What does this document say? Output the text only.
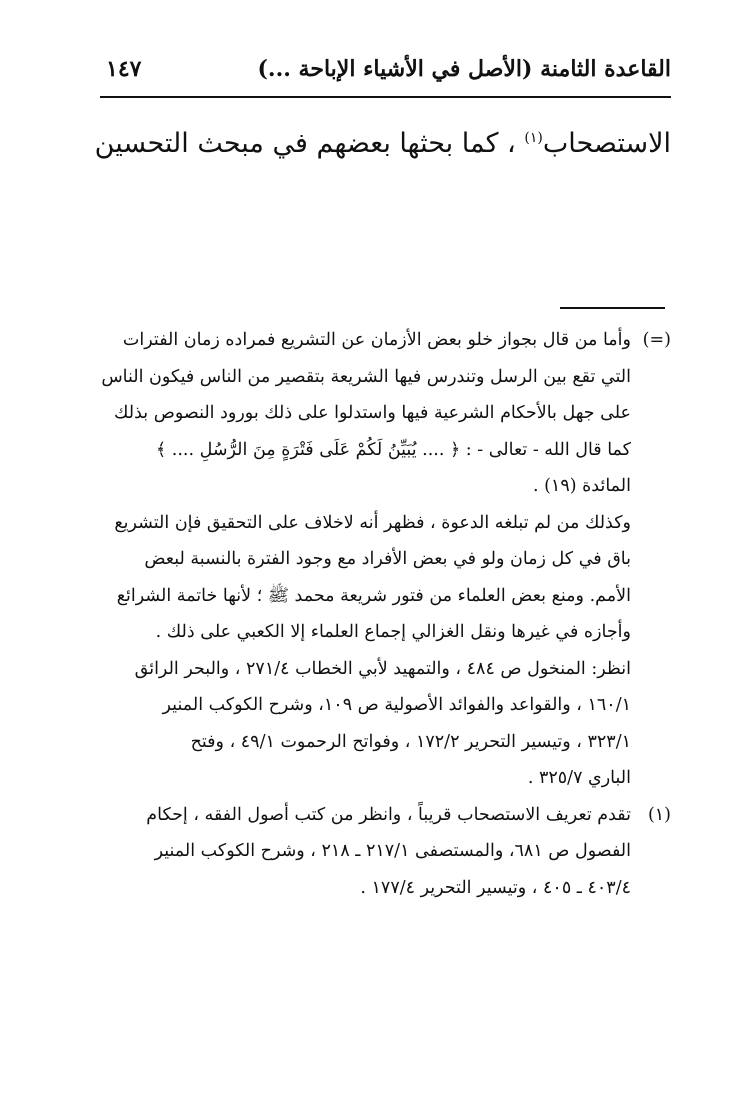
القاعدة الثامنة (الأصل في الأشياء الإباحة ...)
١٤٧
الاستصحاب$^{(١)}$ ، كما بحثها بعضهم في مبحث التحسين
(=)وأما من قال بجواز خلو بعض الأزمان عن التشريع فمراده زمان الفترات
التي تقع بين الرسل وتندرس فيها الشريعة بتقصير من الناس فيكون الناس
على جهل بالأحكام الشرعية فيها واستدلوا على ذلك بورود النصوص بذلك
كما قال الله - تعالى - : ﴿ .... يُبَيِّنُ لَكُمْ عَلَى فَتْرَةٍ مِنَ الرُّسُلِ .... ﴾
المائدة (١٩) .
وكذلك من لم تبلغه الدعوة ، فظهر أنه لاخلاف على التحقيق فإن التشريع
باق في كل زمان ولو في بعض الأفراد مع وجود الفترة بالنسبة لبعض
الأمم. ومنع بعض العلماء من فتور شريعة محمد ﷺ ؛ لأنها خاتمة الشرائع
وأجازه في غيرها ونقل الغزالي إجماع العلماء إلا الكعبي على ذلك .
انظر: المنخول ص ٤٨٤ ، والتمهيد لأبي الخطاب ٢٧١/٤ ، والبحر الرائق
١٦٠/١ ، والقواعد والفوائد الأصولية ص ١٠٩، وشرح الكوكب المنير
٣٢٣/١ ، وتيسير التحرير ١٧٢/٢ ، وفواتح الرحموت ٤٩/١ ، وفتح
الباري ٣٢٥/٧ .
(١)تقدم تعريف الاستصحاب قريباً ، وانظر من كتب أصول الفقه ، إحكام
الفصول ص ٦٨١، والمستصفى ٢١٧/١ ـ ٢١٨ ، وشرح الكوكب المنير
٤٠٣/٤ ـ ٤٠٥ ، وتيسير التحرير ١٧٧/٤ .
